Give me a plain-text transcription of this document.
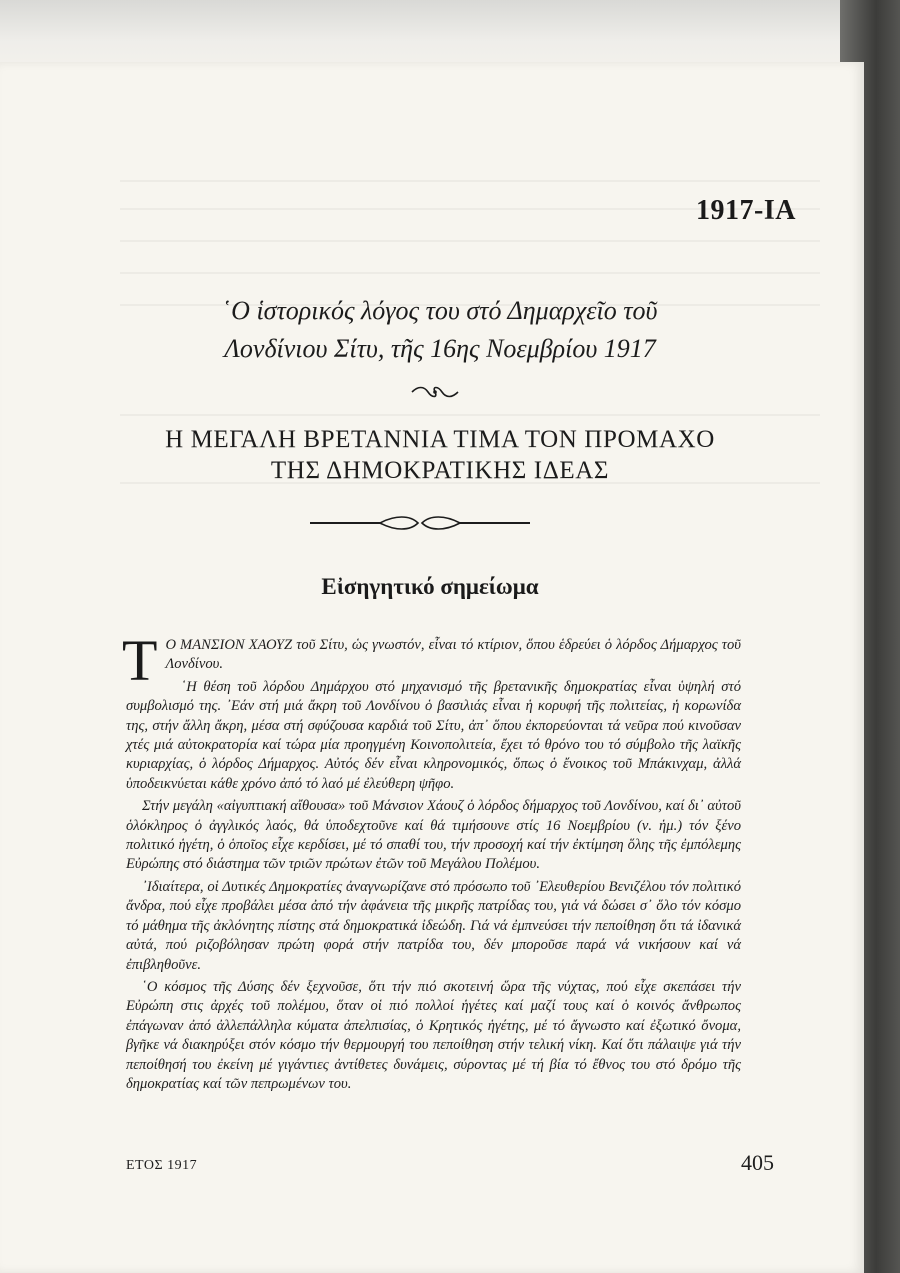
1917-ΙΑ
῾Ο ἱστορικός λόγος του στό Δημαρχεῖο τοῦ
Λονδίνιου Σίτυ, τῆς 16ης Νοεμβρίου 1917
Η ΜΕΓΑΛΗ ΒΡΕΤΑΝΝΙΑ ΤΙΜΑ ΤΟΝ ΠΡΟΜΑΧΟ
ΤΗΣ ΔΗΜΟΚΡΑΤΙΚΗΣ ΙΔΕΑΣ
Εἰσηγητικό σημείωμα

Τ Ο ΜΑΝΣΙΟΝ ΧΑΟΥΖ τοῦ Σίτυ, ὡς γνωστόν, εἶναι τό κτίριον, ὅπου ἑδρεύει ὁ λόρδος Δήμαρχος τοῦ Λονδίνου.

῾Η θέση τοῦ λόρδου Δημάρχου στό μηχανισμό τῆς βρετανικῆς δημοκρατίας εἶναι ὑψηλή στό συμβολισμό της. ᾿Εάν στή μιά ἄκρη τοῦ Λονδίνου ὁ βασιλιάς εἶναι ἡ κορυφή τῆς πολιτείας, ἡ κορωνίδα της, στήν ἄλλη ἄκρη, μέσα στή σφύζουσα καρδιά τοῦ Σίτυ, ἀπ᾿ ὅπου ἐκπορεύονται τά νεῦρα πού κινοῦσαν χτές μιά αὐτοκρατορία καί τώρα μία προηγμένη Κοινοπολιτεία, ἔχει τό θρόνο του τό σύμβολο τῆς λαϊκῆς κυριαρχίας, ὁ λόρδος Δήμαρχος. Αὐτός δέν εἶναι κληρονομικός, ὅπως ὁ ἔνοικος τοῦ Μπάκινχαμ, ἀλλά ὑποδεικνύεται κάθε χρόνο ἀπό τό λαό μέ ἐλεύθερη ψῆφο.

Στήν μεγάλη «αἰγυπτιακή αἴθουσα» τοῦ Μάνσιον Χάουζ ὁ λόρδος δήμαρχος τοῦ Λονδίνου, καί δι᾿ αὐτοῦ ὁλόκληρος ὁ ἀγγλικός λαός, θά ὑποδεχτοῦνε καί θά τιμήσουνε στίς 16 Νοεμβρίου (ν. ἡμ.) τόν ξένο πολιτικό ἡγέτη, ὁ ὁποῖος εἶχε κερδίσει, μέ τό σπαθί του, τήν προσοχή καί τήν ἐκτίμηση ὅλης τῆς ἐμπόλεμης Εὐρώπης στό διάστημα τῶν τριῶν πρώτων ἐτῶν τοῦ Μεγάλου Πολέμου.

᾿Ιδιαίτερα, οἱ Δυτικές Δημοκρατίες ἀναγνωρίζανε στό πρόσωπο τοῦ ᾿Ελευθερίου Βενιζέλου τόν πολιτικό ἄνδρα, πού εἶχε προβάλει μέσα ἀπό τήν ἀφάνεια τῆς μικρῆς πατρίδας του, γιά νά δώσει σ᾿ ὅλο τόν κόσμο τό μάθημα τῆς ἀκλόνητης πίστης στά δημοκρατικά ἰδεώδη. Γιά νά ἐμπνεύσει τήν πεποίθηση ὅτι τά ἰδανικά αὐτά, πού ριζοβόλησαν πρώτη φορά στήν πατρίδα του, δέν μποροῦσε παρά νά νικήσουν καί νά ἐπιβληθοῦνε.

῾Ο κόσμος τῆς Δύσης δέν ξεχνοῦσε, ὅτι τήν πιό σκοτεινή ὥρα τῆς νύχτας, πού εἶχε σκεπάσει τήν Εὐρώπη στις ἀρχές τοῦ πολέμου, ὅταν οἱ πιό πολλοί ἡγέτες καί μαζί τους καί ὁ κοινός ἄνθρωπος ἐπάγωναν ἀπό ἀλλεπάλληλα κύματα ἀπελπισίας, ὁ Κρητικός ἡγέτης, μέ τό ἄγνωστο καί ἐξωτικό ὄνομα, βγῆκε νά διακηρύξει στόν κόσμο τήν θερμουργή του πεποίθηση στήν τελική νίκη. Καί ὅτι πάλαιψε γιά τήν πεποίθησή του ἐκείνη μέ γιγάντιες ἀντίθετες δυνάμεις, σύροντας μέ τή βία τό ἔθνος του στό δρόμο τῆς δημοκρατίας καί τῶν πεπρωμένων του.

ΕΤΟΣ 1917	405
